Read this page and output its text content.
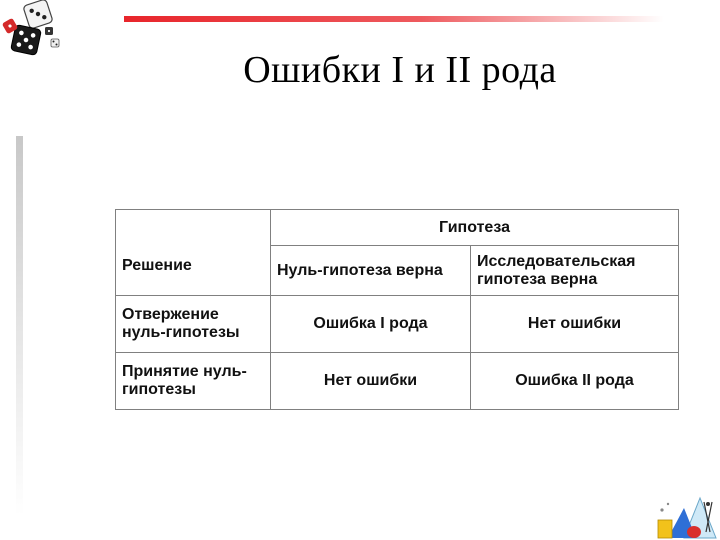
Ошибки I и II рода
Решение	Гипотеза	
	Нуль-гипотеза верна	Исследовательская гипотеза верна
Отвержение нуль-гипотезы	Ошибка I рода	Нет ошибки
Принятие нуль-гипотезы	Нет ошибки	Ошибка II рода
